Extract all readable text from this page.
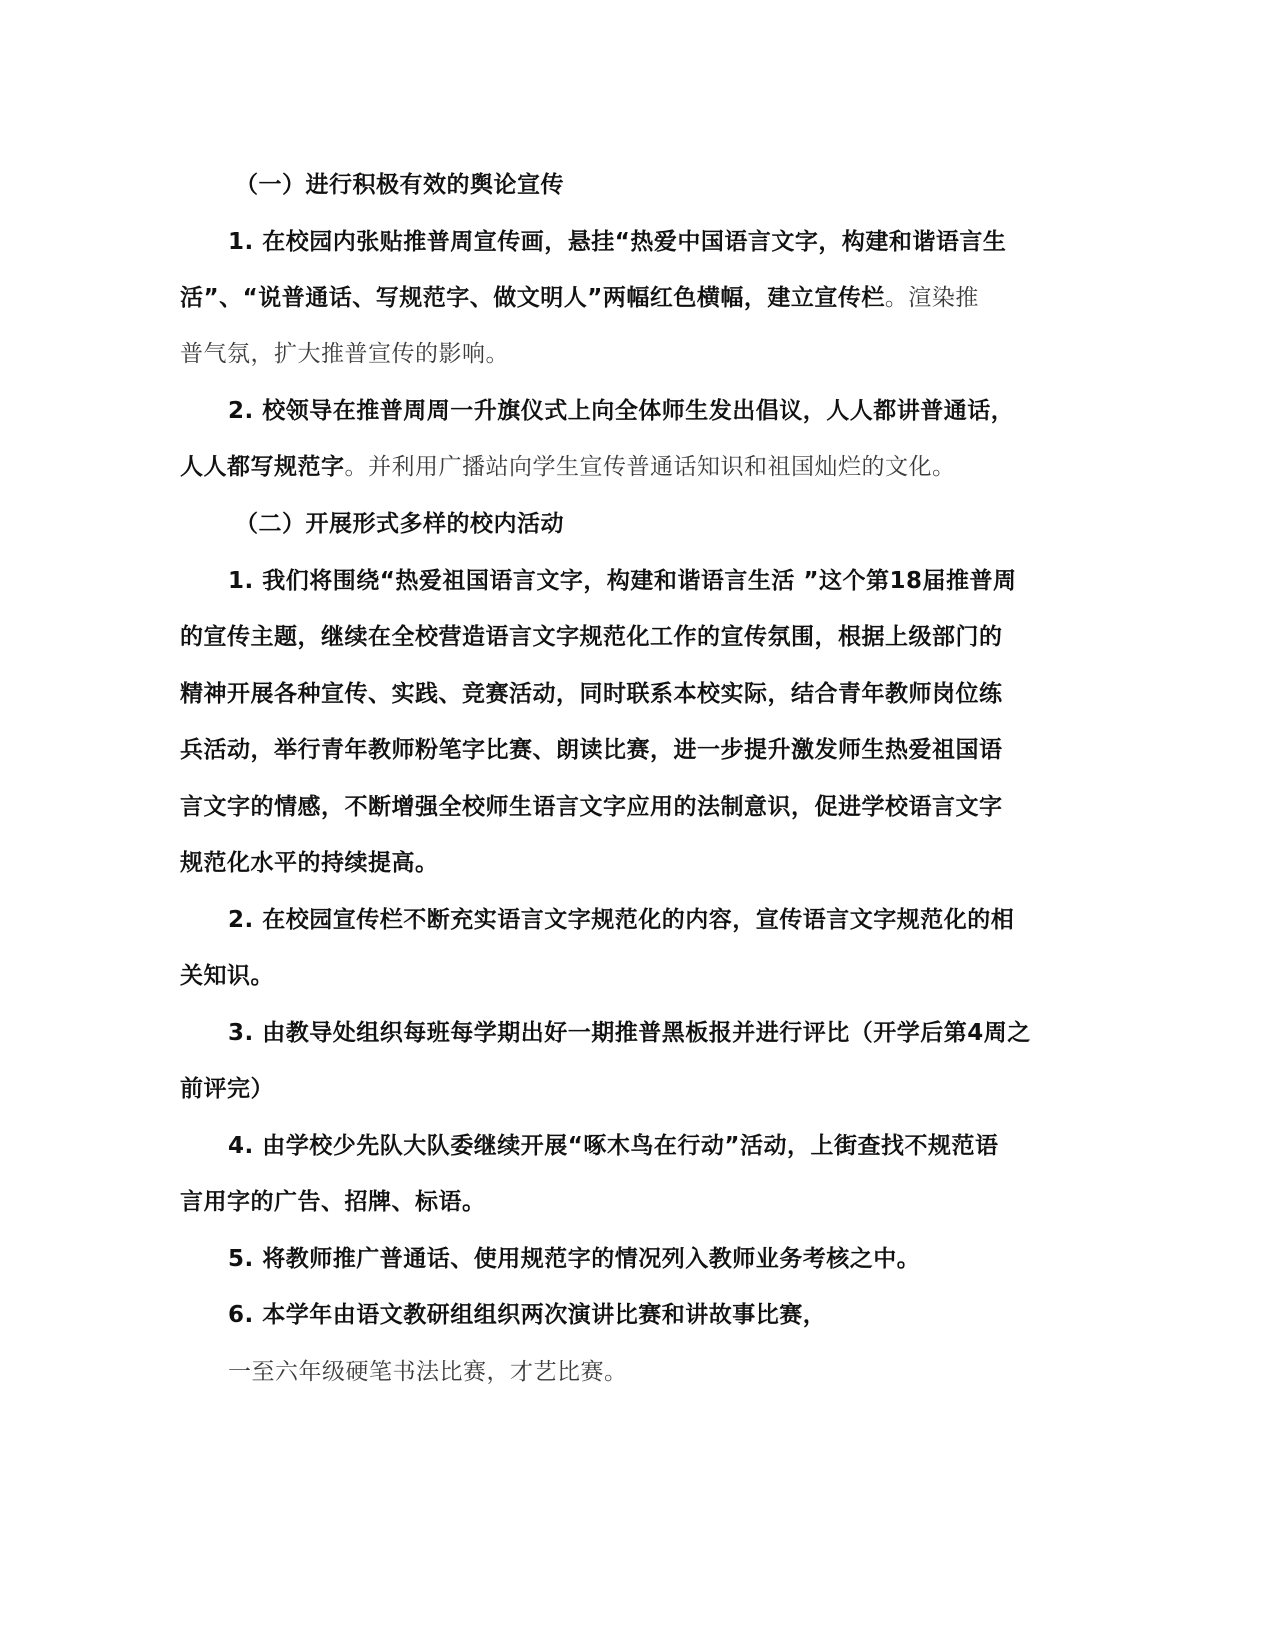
（一）进行积极有效的舆论宣传
1. 在校园内张贴推普周宣传画，悬挂“热爱中国语言文字，构建和谐语言生
活”、“说普通话、写规范字、做文明人”两幅红色横幅，建立宣传栏。渲染推
普气氛，扩大推普宣传的影响。
2. 校领导在推普周周一升旗仪式上向全体师生发出倡议，人人都讲普通话，
人人都写规范字。并利用广播站向学生宣传普通话知识和祖国灿烂的文化。
（二）开展形式多样的校内活动
1. 我们将围绕“热爱祖国语言文字，构建和谐语言生活 ”这个第18届推普周
的宣传主题，继续在全校营造语言文字规范化工作的宣传氛围，根据上级部门的
精神开展各种宣传、实践、竞赛活动，同时联系本校实际，结合青年教师岗位练
兵活动，举行青年教师粉笔字比赛、朗读比赛，进一步提升激发师生热爱祖国语
言文字的情感，不断增强全校师生语言文字应用的法制意识，促进学校语言文字
规范化水平的持续提高。
2. 在校园宣传栏不断充实语言文字规范化的内容，宣传语言文字规范化的相
关知识。
3. 由教导处组织每班每学期出好一期推普黑板报并进行评比（开学后第4周之
前评完）
4. 由学校少先队大队委继续开展“啄木鸟在行动”活动，上街查找不规范语
言用字的广告、招牌、标语。
5. 将教师推广普通话、使用规范字的情况列入教师业务考核之中。
6. 本学年由语文教研组组织两次演讲比赛和讲故事比赛，
一至六年级硬笔书法比赛，才艺比赛。
